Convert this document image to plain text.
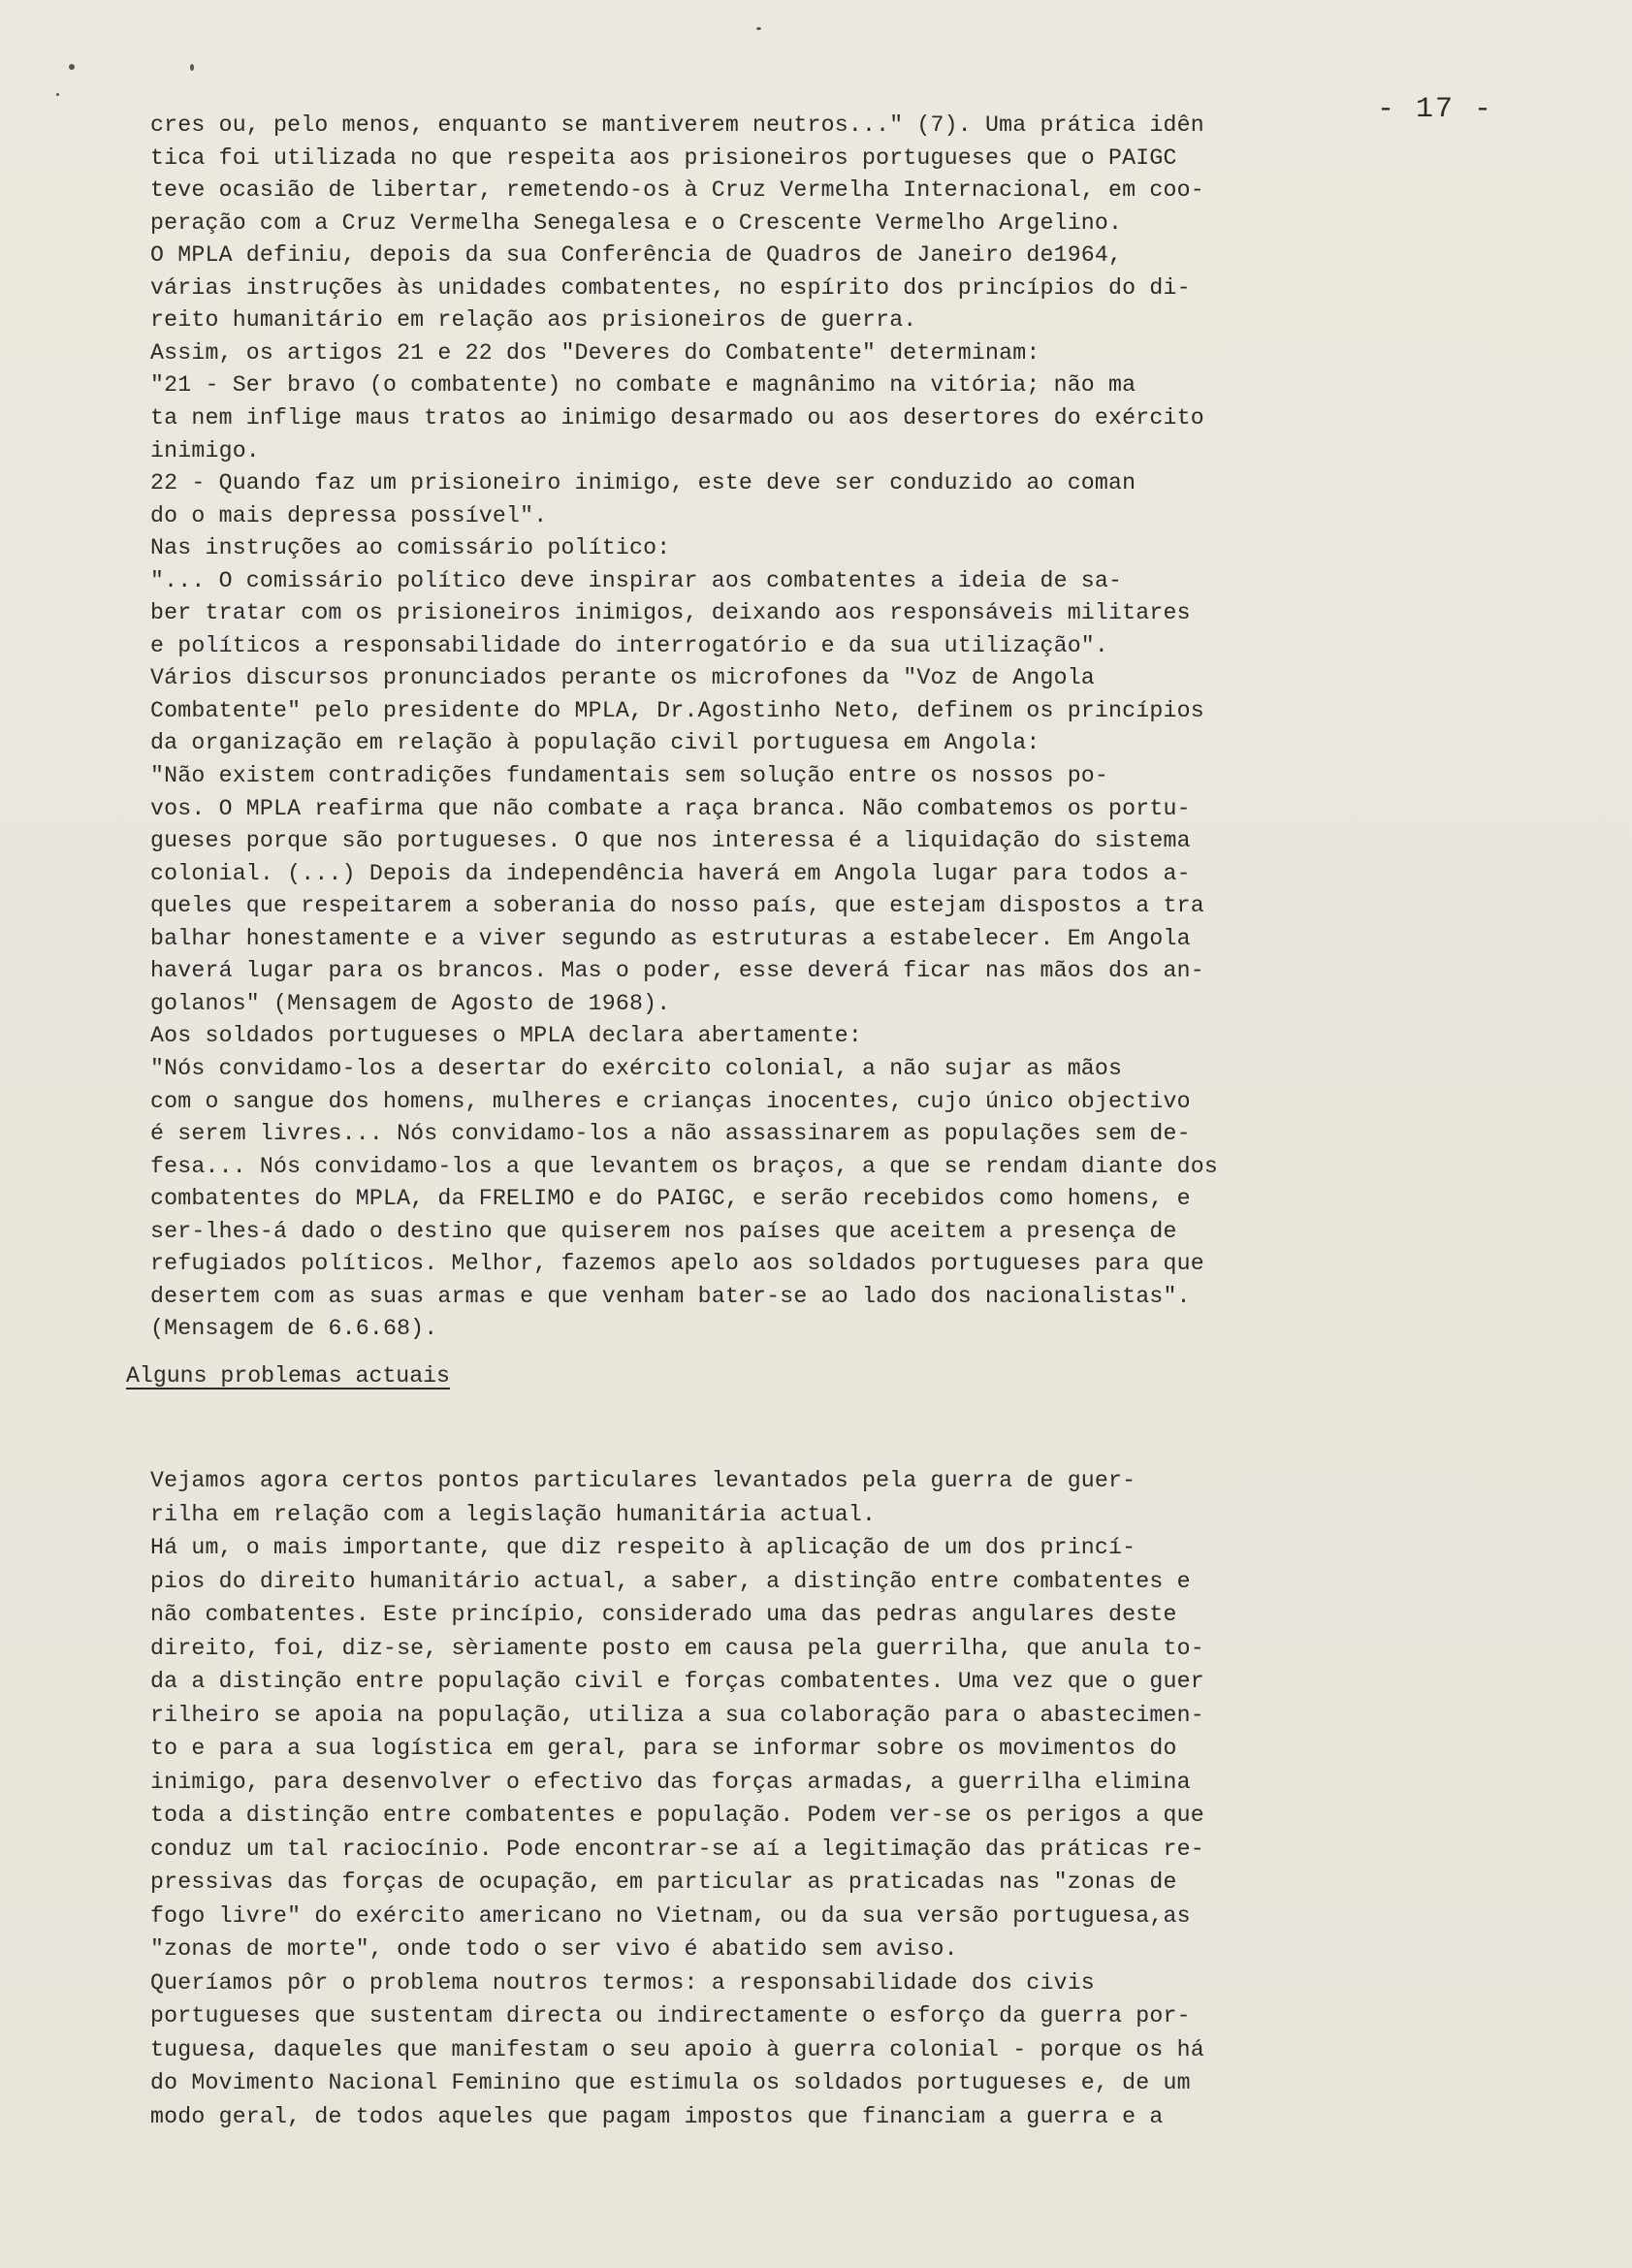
- 17 -
cres ou, pelo menos, enquanto se mantiverem neutros..." (7). Uma prática idên
tica foi utilizada no que respeita aos prisioneiros portugueses que o PAIGC
teve ocasião de libertar, remetendo-os à Cruz Vermelha Internacional, em coo-
peração com a Cruz Vermelha Senegalesa e o Crescente Vermelho Argelino.
O MPLA definiu, depois da sua Conferência de Quadros de Janeiro de1964,
várias instruções às unidades combatentes, no espírito dos princípios do di-
reito humanitário em relação aos prisioneiros de guerra.
Assim, os artigos 21 e 22 dos "Deveres do Combatente" determinam:
"21 - Ser bravo (o combatente) no combate e magnânimo na vitória; não ma
ta nem inflige maus tratos ao inimigo desarmado ou aos desertores do exército
inimigo.
22 - Quando faz um prisioneiro inimigo, este deve ser conduzido ao coman
do o mais depressa possível".
Nas instruções ao comissário político:
"... O comissário político deve inspirar aos combatentes a ideia de sa-
ber tratar com os prisioneiros inimigos, deixando aos responsáveis militares
e políticos a responsabilidade do interrogatório e da sua utilização".
Vários discursos pronunciados perante os microfones da "Voz de Angola
Combatente" pelo presidente do MPLA, Dr.Agostinho Neto, definem os princípios
da organização em relação à população civil portuguesa em Angola:
"Não existem contradições fundamentais sem solução entre os nossos po-
vos. O MPLA reafirma que não combate a raça branca. Não combatemos os portu-
gueses porque são portugueses. O que nos interessa é a liquidação do sistema
colonial. (...) Depois da independência haverá em Angola lugar para todos a-
queles que respeitarem a soberania do nosso país, que estejam dispostos a tra
balhar honestamente e a viver segundo as estruturas a estabelecer. Em Angola
haverá lugar para os brancos. Mas o poder, esse deverá ficar nas mãos dos an-
golanos" (Mensagem de Agosto de 1968).
Aos soldados portugueses o MPLA declara abertamente:
"Nós convidamo-los a desertar do exército colonial, a não sujar as mãos
com o sangue dos homens, mulheres e crianças inocentes, cujo único objectivo
é serem livres... Nós convidamo-los a não assassinarem as populações sem de-
fesa... Nós convidamo-los a que levantem os braços, a que se rendam diante dos
combatentes do MPLA, da FRELIMO e do PAIGC, e serão recebidos como homens, e
ser-lhes-á dado o destino que quiserem nos países que aceitem a presença de
refugiados políticos. Melhor, fazemos apelo aos soldados portugueses para que
desertem com as suas armas e que venham bater-se ao lado dos nacionalistas".
(Mensagem de 6.6.68).
Alguns problemas actuais
Vejamos agora certos pontos particulares levantados pela guerra de guer-
rilha em relação com a legislação humanitária actual.
Há um, o mais importante, que diz respeito à aplicação de um dos princí-
pios do direito humanitário actual, a saber, a distinção entre combatentes e
não combatentes. Este princípio, considerado uma das pedras angulares deste
direito, foi, diz-se, sèriamente posto em causa pela guerrilha, que anula to-
da a distinção entre população civil e forças combatentes. Uma vez que o guer
rilheiro se apoia na população, utiliza a sua colaboração para o abastecimen-
to e para a sua logística em geral, para se informar sobre os movimentos do
inimigo, para desenvolver o efectivo das forças armadas, a guerrilha elimina
toda a distinção entre combatentes e população. Podem ver-se os perigos a que
conduz um tal raciocínio. Pode encontrar-se aí a legitimação das práticas re-
pressivas das forças de ocupação, em particular as praticadas nas "zonas de
fogo livre" do exército americano no Vietnam, ou da sua versão portuguesa,as
"zonas de morte", onde todo o ser vivo é abatido sem aviso.
Queríamos pôr o problema noutros termos: a responsabilidade dos civis
portugueses que sustentam directa ou indirectamente o esforço da guerra por-
tuguesa, daqueles que manifestam o seu apoio à guerra colonial - porque os há
do Movimento Nacional Feminino que estimula os soldados portugueses e, de um
modo geral, de todos aqueles que pagam impostos que financiam a guerra e a
